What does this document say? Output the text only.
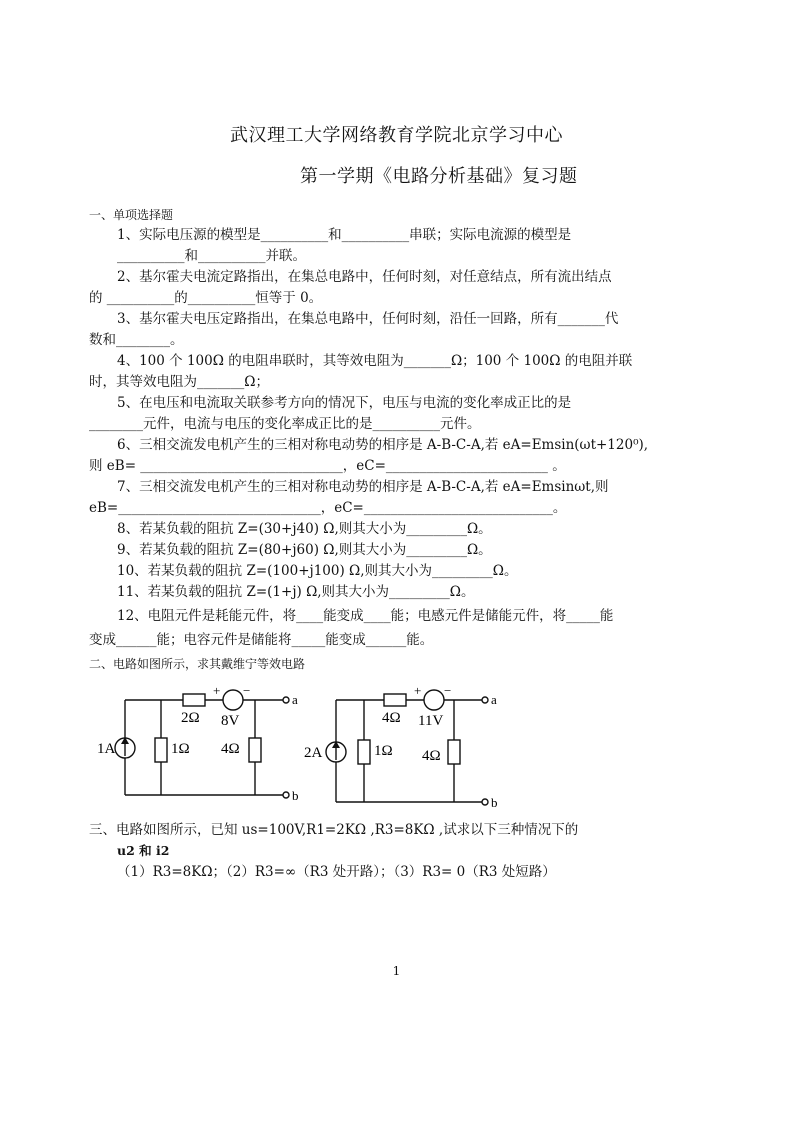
武汉理工大学网络教育学院北京学习中心
第一学期《电路分析基础》复习题
一、单项选择题
1、实际电压源的模型是__________和__________串联；实际电流源的模型是
__________和__________并联。
2、基尔霍夫电流定路指出，在集总电路中，任何时刻，对任意结点，所有流出结点
的 __________的__________恒等于 0。
3、基尔霍夫电压定路指出，在集总电路中，任何时刻，沿任一回路，所有_______代
数和________。
4、100 个 100Ω 的电阻串联时，其等效电阻为_______Ω；100 个 100Ω 的电阻并联
时，其等效电阻为_______Ω；
5、在电压和电流取关联参考方向的情况下，电压与电流的变化率成正比的是
________元件，电流与电压的变化率成正比的是__________元件。
6、三相交流发电机产生的三相对称电动势的相序是 A-B-C-A,若 eA=Emsin(ωt+120⁰),
则 eB= ______________________________，eC=________________________ 。
7、三相交流发电机产生的三相对称电动势的相序是 A-B-C-A,若 eA=Emsinωt,则
eB=______________________________，eC=____________________________。
8、若某负载的阻抗 Z=(30+j40) Ω,则其大小为_________Ω。
9、若某负载的阻抗 Z=(80+j60) Ω,则其大小为_________Ω。
10、若某负载的阻抗 Z=(100+j100) Ω,则其大小为_________Ω。
11、若某负载的阻抗 Z=(1+j) Ω,则其大小为_________Ω。
12、电阻元件是耗能元件，将____能变成____能；电感元件是储能元件，将_____能
变成______能；电容元件是储能将_____能变成______能。
二、电路如图所示，求其戴维宁等效电路
1A
2Ω
+ −
8V
1Ω 4Ω
a
b
2A
4Ω
+ −
11V
1Ω 4Ω
a
b
三、电路如图所示，已知 us=100V,R1=2KΩ ,R3=8KΩ ,试求以下三种情况下的
u2 和 i2
（1）R3=8KΩ；（2）R3=∞（R3 处开路）；（3）R3= 0（R3 处短路）
1
